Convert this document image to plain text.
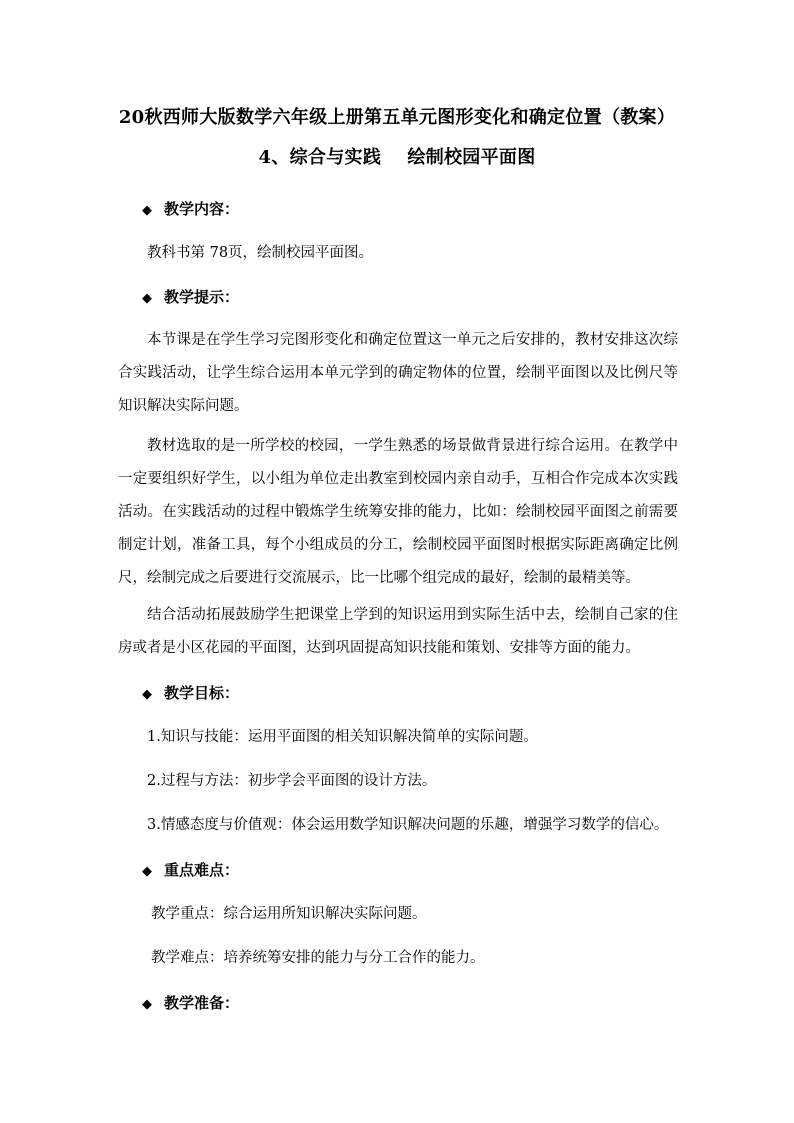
20秋西师大版数学六年级上册第五单元图形变化和确定位置（教案）
4、综合与实践    绘制校园平面图
◆ 教学内容：
教科书第 78页，绘制校园平面图。
◆ 教学提示：
本节课是在学生学习完图形变化和确定位置这一单元之后安排的，教材安排这次综合实践活动，让学生综合运用本单元学到的确定物体的位置，绘制平面图以及比例尺等知识解决实际问题。
教材选取的是一所学校的校园，一学生熟悉的场景做背景进行综合运用。在教学中一定要组织好学生，以小组为单位走出教室到校园内亲自动手，互相合作完成本次实践活动。在实践活动的过程中锻炼学生统筹安排的能力，比如：绘制校园平面图之前需要制定计划，准备工具，每个小组成员的分工，绘制校园平面图时根据实际距离确定比例尺，绘制完成之后要进行交流展示，比一比哪个组完成的最好，绘制的最精美等。
结合活动拓展鼓励学生把课堂上学到的知识运用到实际生活中去，绘制自己家的住房或者是小区花园的平面图，达到巩固提高知识技能和策划、安排等方面的能力。
◆ 教学目标：
1.知识与技能：运用平面图的相关知识解决简单的实际问题。
2.过程与方法：初步学会平面图的设计方法。
3.情感态度与价值观：体会运用数学知识解决问题的乐趣，增强学习数学的信心。
◆ 重点难点：
教学重点：综合运用所知识解决实际问题。
教学难点：培养统筹安排的能力与分工合作的能力。
◆ 教学准备：
